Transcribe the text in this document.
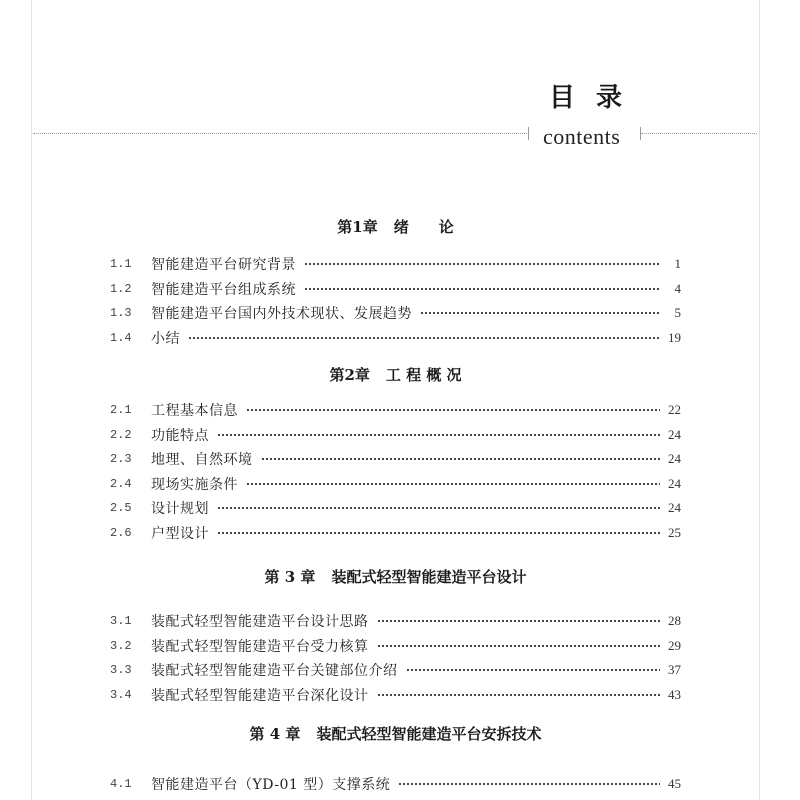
目 录
contents
第1章 绪　　论
1.1	智能建造平台研究背景	1
1.2	智能建造平台组成系统	4
1.3	智能建造平台国内外技术现状、发展趋势	5
1.4	小结	19
第2章 工 程 概 况
2.1	工程基本信息	22
2.2	功能特点	24
2.3	地理、自然环境	24
2.4	现场实施条件	24
2.5	设计规划	24
2.6	户型设计	25
第 3 章 装配式轻型智能建造平台设计
3.1	装配式轻型智能建造平台设计思路	28
3.2	装配式轻型智能建造平台受力核算	29
3.3	装配式轻型智能建造平台关键部位介绍	37
3.4	装配式轻型智能建造平台深化设计	43
第 4 章 装配式轻型智能建造平台安拆技术
4.1	智能建造平台（YD-01 型）支撑系统	45
